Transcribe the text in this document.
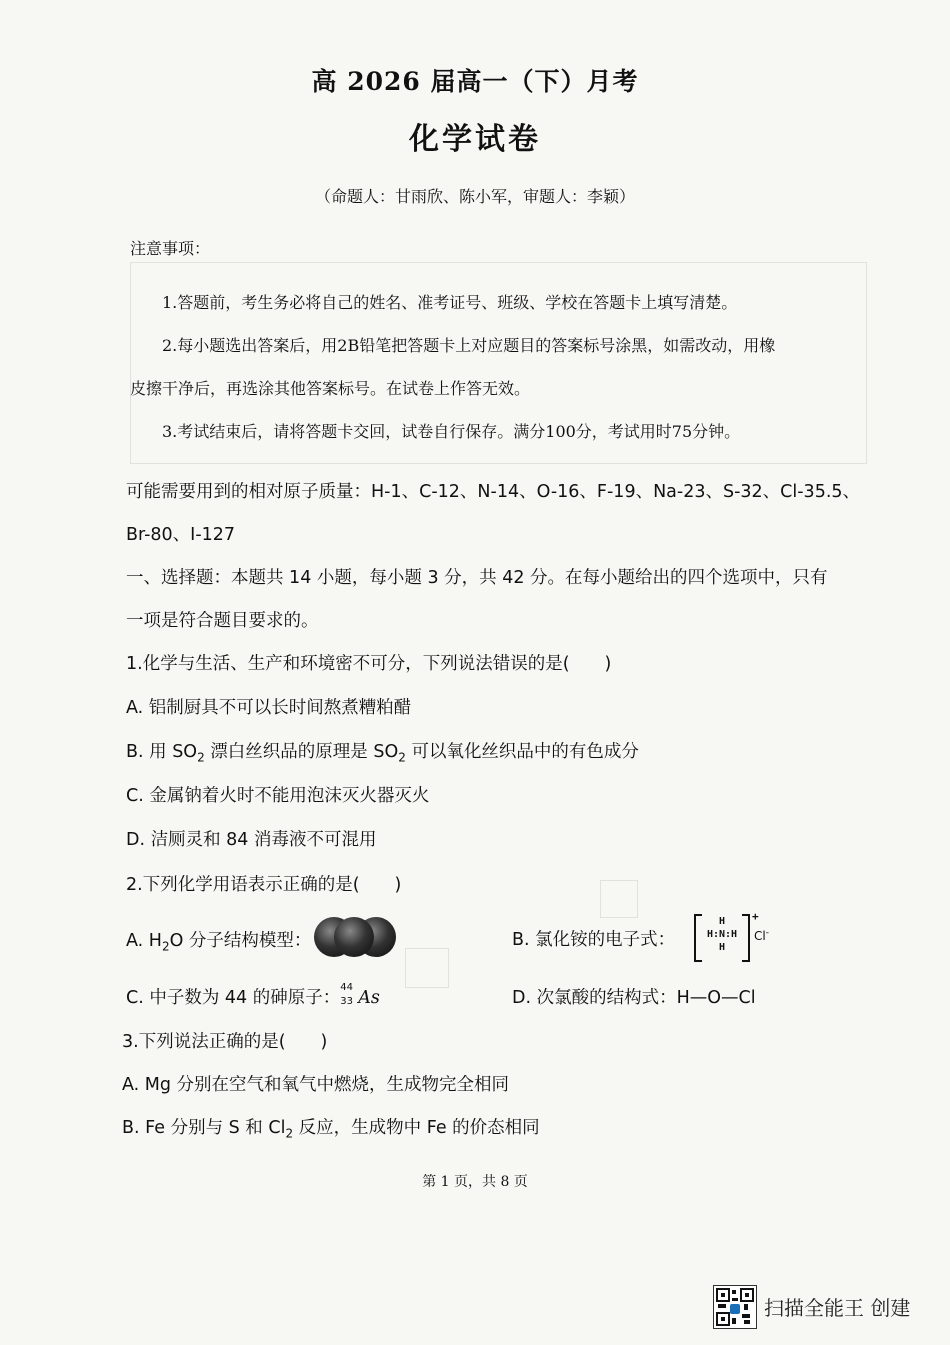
高 2026 届高一（下）月考
化学试卷
（命题人：甘雨欣、陈小军，审题人：李颖）
注意事项：
1.答题前，考生务必将自己的姓名、准考证号、班级、学校在答题卡上填写清楚。
2.每小题选出答案后，用2B铅笔把答题卡上对应题目的答案标号涂黑，如需改动，用橡
皮擦干净后，再选涂其他答案标号。在试卷上作答无效。
3.考试结束后，请将答题卡交回，试卷自行保存。满分100分，考试用时75分钟。
可能需要用到的相对原子质量：H-1、C-12、N-14、O-16、F-19、Na-23、S-32、Cl-35.5、
Br-80、I-127
一、选择题：本题共 14 小题，每小题 3 分，共 42 分。在每小题给出的四个选项中，只有
一项是符合题目要求的。
1.化学与生活、生产和环境密不可分，下列说法错误的是(　　)
A. 铝制厨具不可以长时间熬煮糟粕醋
B. 用 $SO_2$ 漂白丝织品的原理是 $SO_2$ 可以氧化丝织品中的有色成分
C. 金属钠着火时不能用泡沫灭火器灭火
D. 洁厕灵和 84 消毒液不可混用
2.下列化学用语表示正确的是(　　)
A. $H_2O$ 分子结构模型：	B. 氯化铵的电子式：
H
H:N:H
H
+
Cl-
C. 中子数为 44 的砷原子：
44
33 As	D. 次氯酸的结构式：H—O—Cl
3.下列说法正确的是(　　)
A. Mg 分别在空气和氧气中燃烧，生成物完全相同
B. Fe 分别与 S 和 $Cl_2$ 反应，生成物中 Fe 的价态相同
第 1 页，共 8 页
扫描全能王 创建
